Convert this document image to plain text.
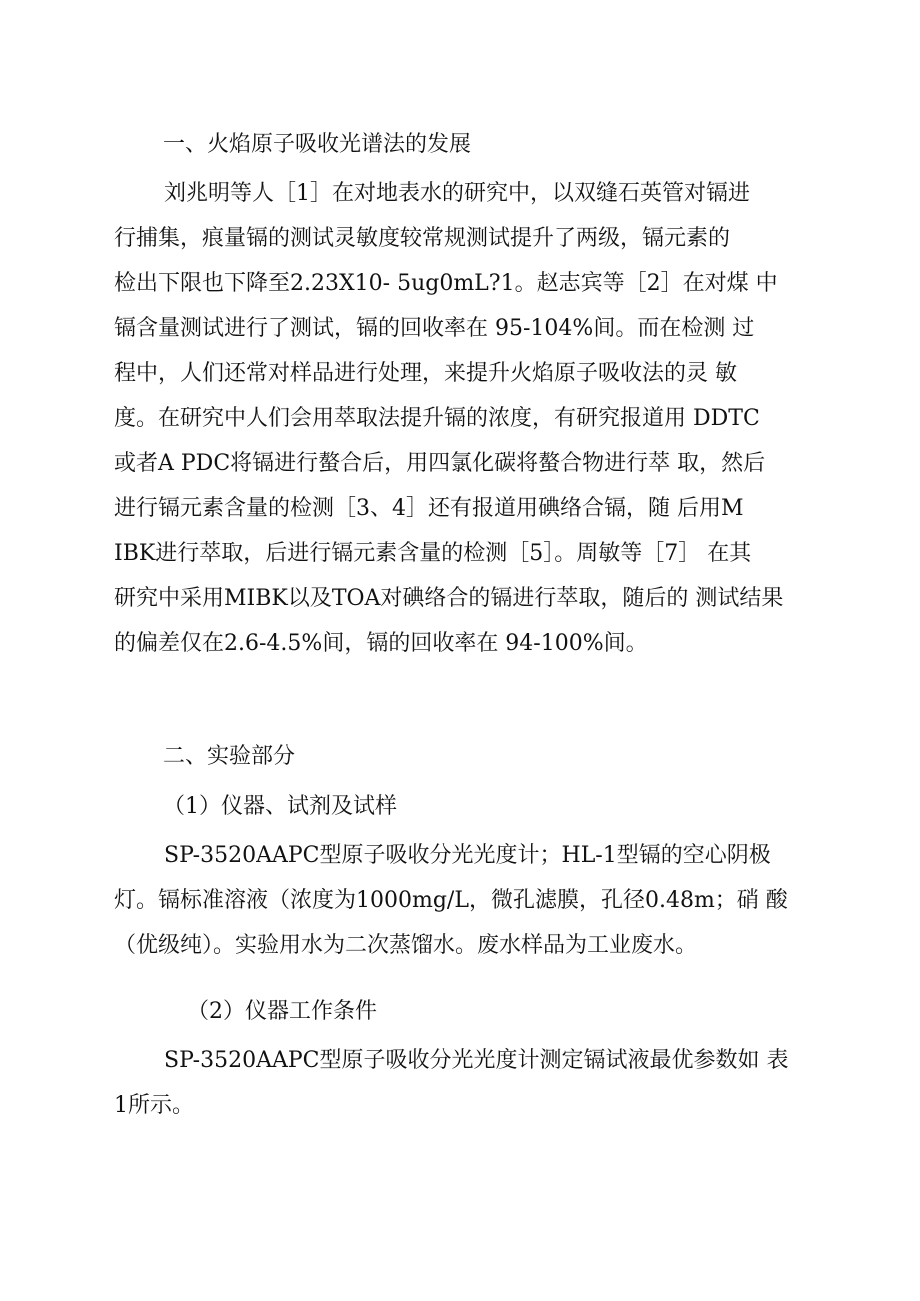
一、火焰原子吸收光谱法的发展
刘兆明等人［1］在对地表水的研究中，以双缝石英管对镉进
行捕集，痕量镉的测试灵敏度较常规测试提升了两级，镉元素的
检出下限也下降至2.23X10- 5ug0mL?1。赵志宾等［2］在对煤 中
镉含量测试进行了测试，镉的回收率在 95-104%间。而在检测 过
程中，人们还常对样品进行处理，来提升火焰原子吸收法的灵 敏
度。在研究中人们会用萃取法提升镉的浓度，有研究报道用 DDTC
或者A PDC将镉进行螯合后，用四氯化碳将螯合物进行萃 取，然后
进行镉元素含量的检测［3、4］还有报道用碘络合镉，随 后用M
IBK进行萃取，后进行镉元素含量的检测［5］。周敏等［7］ 在其
研究中采用MIBK以及TOA对碘络合的镉进行萃取，随后的 测试结果
的偏差仅在2.6-4.5%间，镉的回收率在 94-100%间。
二、实验部分
（1）仪器、试剂及试样
SP-3520AAPC型原子吸收分光光度计；HL-1型镉的空心阴极
灯。镉标准溶液（浓度为1000mg/L，微孔滤膜，孔径0.48m；硝 酸
（优级纯）。实验用水为二次蒸馏水。废水样品为工业废水。
（2）仪器工作条件
SP-3520AAPC型原子吸收分光光度计测定镉试液最优参数如 表
1所示。
